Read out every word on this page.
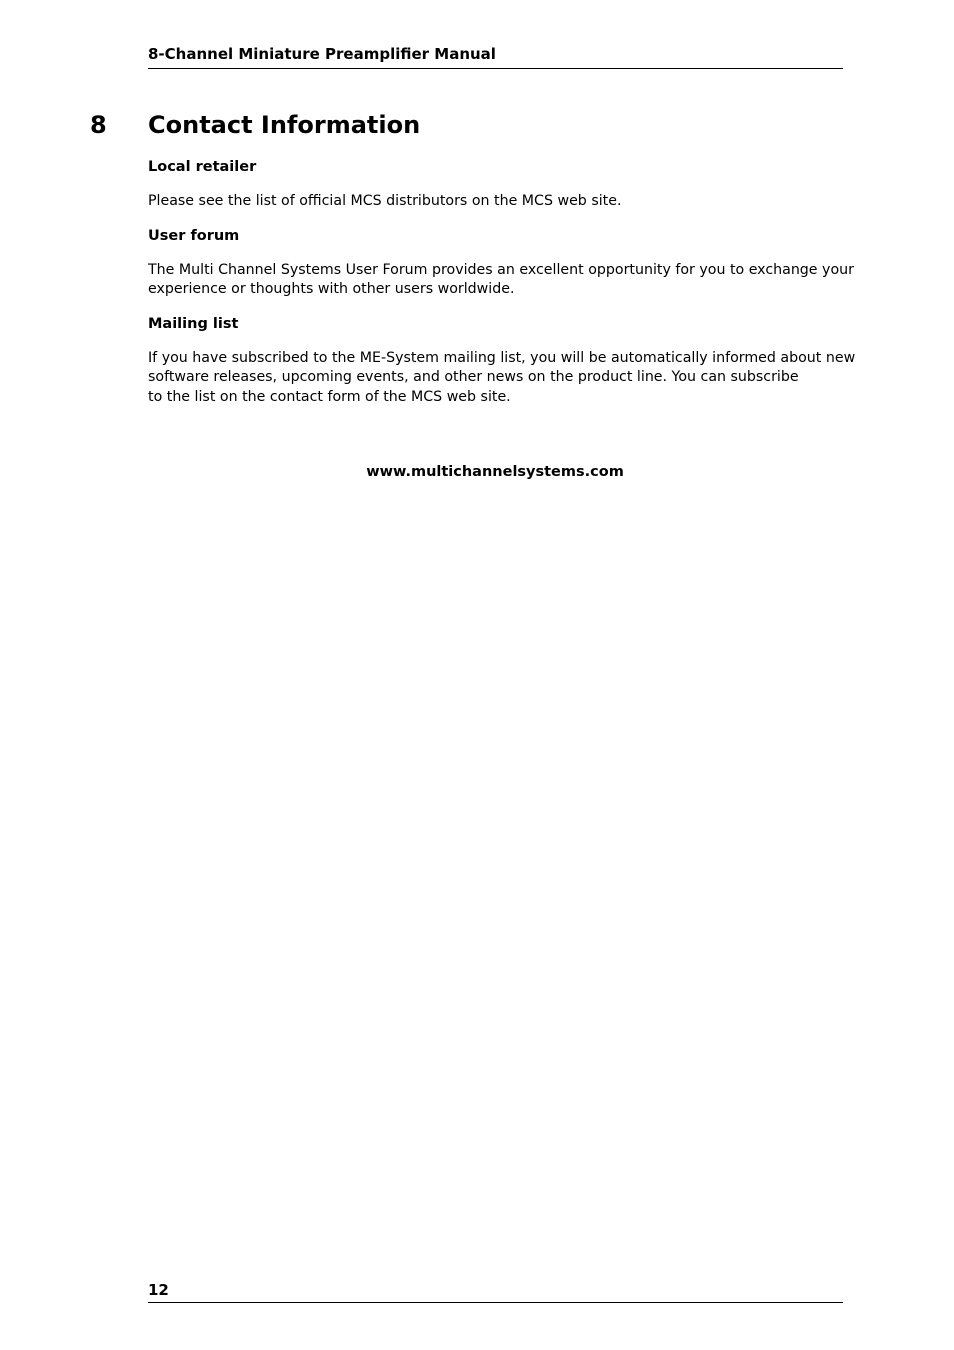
8-Channel Miniature Preamplifier Manual
8 Contact Information
Local retailer

Please see the list of official MCS distributors on the MCS web site.

User forum

The Multi Channel Systems User Forum provides an excellent opportunity for you to exchange your
experience or thoughts with other users worldwide.

Mailing list

If you have subscribed to the ME-System mailing list, you will be automatically informed about new
software releases, upcoming events, and other news on the product line. You can subscribe
to the list on the contact form of the MCS web site.

www.multichannelsystems.com
12
